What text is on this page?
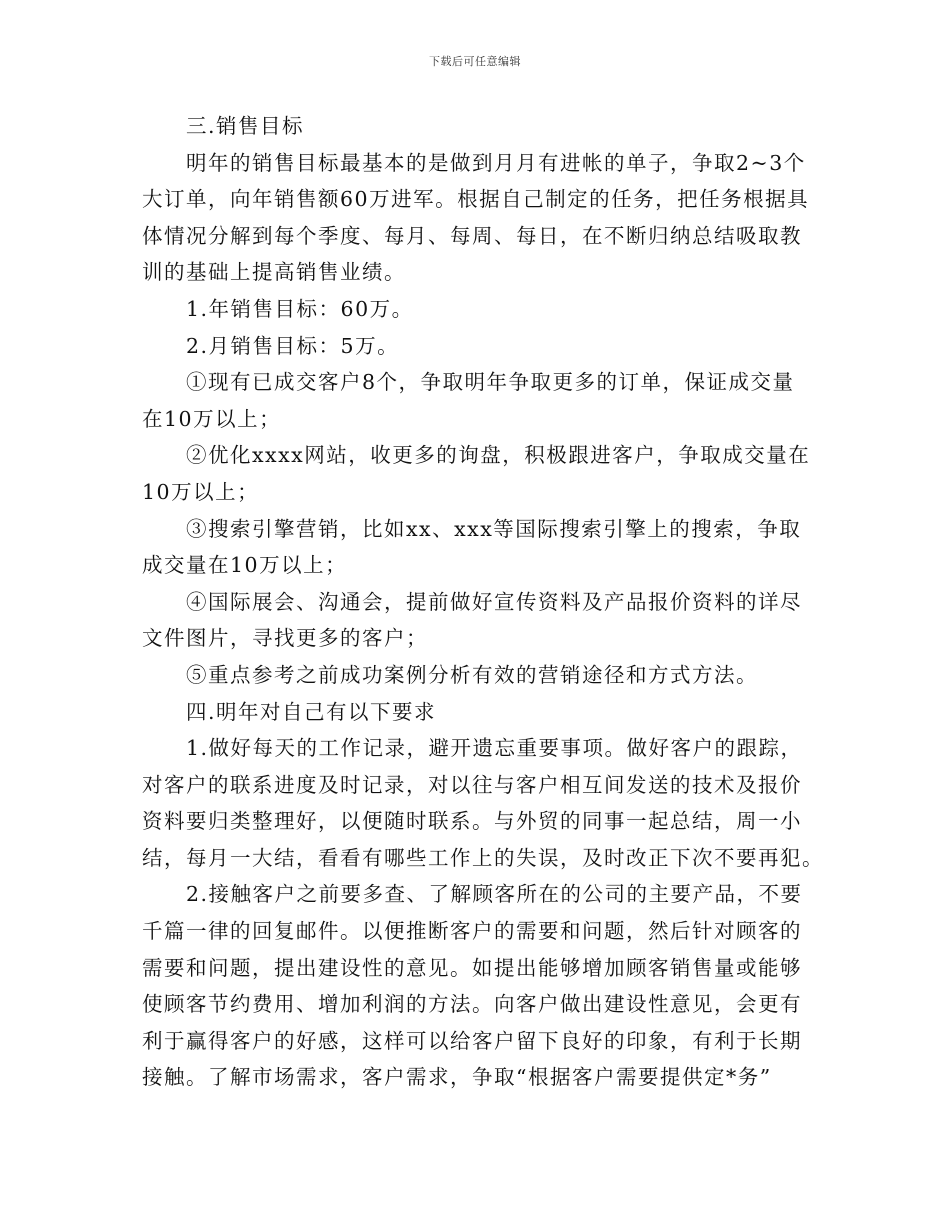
下载后可任意编辑
三.销售目标
明年的销售目标最基本的是做到月月有进帐的单子，争取2~3个
大订单，向年销售额60万进军。根据自己制定的任务，把任务根据具
体情况分解到每个季度、每月、每周、每日，在不断归纳总结吸取教
训的基础上提高销售业绩。
1.年销售目标：60万。
2.月销售目标：5万。
①现有已成交客户8个，争取明年争取更多的订单，保证成交量
在10万以上；
②优化xxxx网站，收更多的询盘，积极跟进客户，争取成交量在
10万以上；
③搜索引擎营销，比如xx、xxx等国际搜索引擎上的搜索，争取
成交量在10万以上；
④国际展会、沟通会，提前做好宣传资料及产品报价资料的详尽
文件图片，寻找更多的客户；
⑤重点参考之前成功案例分析有效的营销途径和方式方法。
四.明年对自己有以下要求
1.做好每天的工作记录，避开遗忘重要事项。做好客户的跟踪，
对客户的联系进度及时记录，对以往与客户相互间发送的技术及报价
资料要归类整理好，以便随时联系。与外贸的同事一起总结，周一小
结，每月一大结，看看有哪些工作上的失误，及时改正下次不要再犯。
2.接触客户之前要多查、了解顾客所在的公司的主要产品，不要
千篇一律的回复邮件。以便推断客户的需要和问题，然后针对顾客的
需要和问题，提出建设性的意见。如提出能够增加顾客销售量或能够
使顾客节约费用、增加利润的方法。向客户做出建设性意见，会更有
利于赢得客户的好感，这样可以给客户留下良好的印象，有利于长期
接触。了解市场需求，客户需求，争取“根据客户需要提供定*务”
